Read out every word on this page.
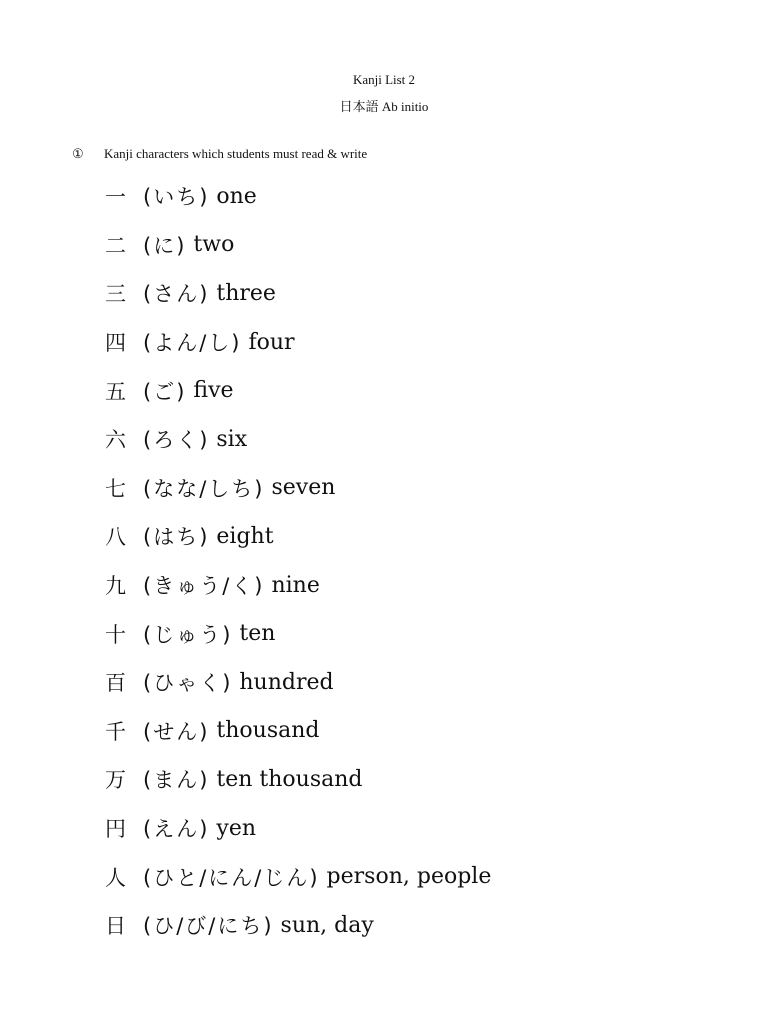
Kanji List 2
日本語 Ab initio
① Kanji characters which students must read & write
一 (いち)
one
二 (に)
two
三 (さん)
three
四 (よん/し)
four
五 (ご)
five
六 (ろく)
six
七 (なな/しち)
seven
八 (はち)
eight
九 (きゅう/く)
nine
十 (じゅう)
ten
百 (ひゃく)
hundred
千 (せん)
thousand
万 (まん)
ten thousand
円 (えん)
yen
人 (ひと/にん/じん)
person, people
日 (ひ/び/にち)
sun, day
